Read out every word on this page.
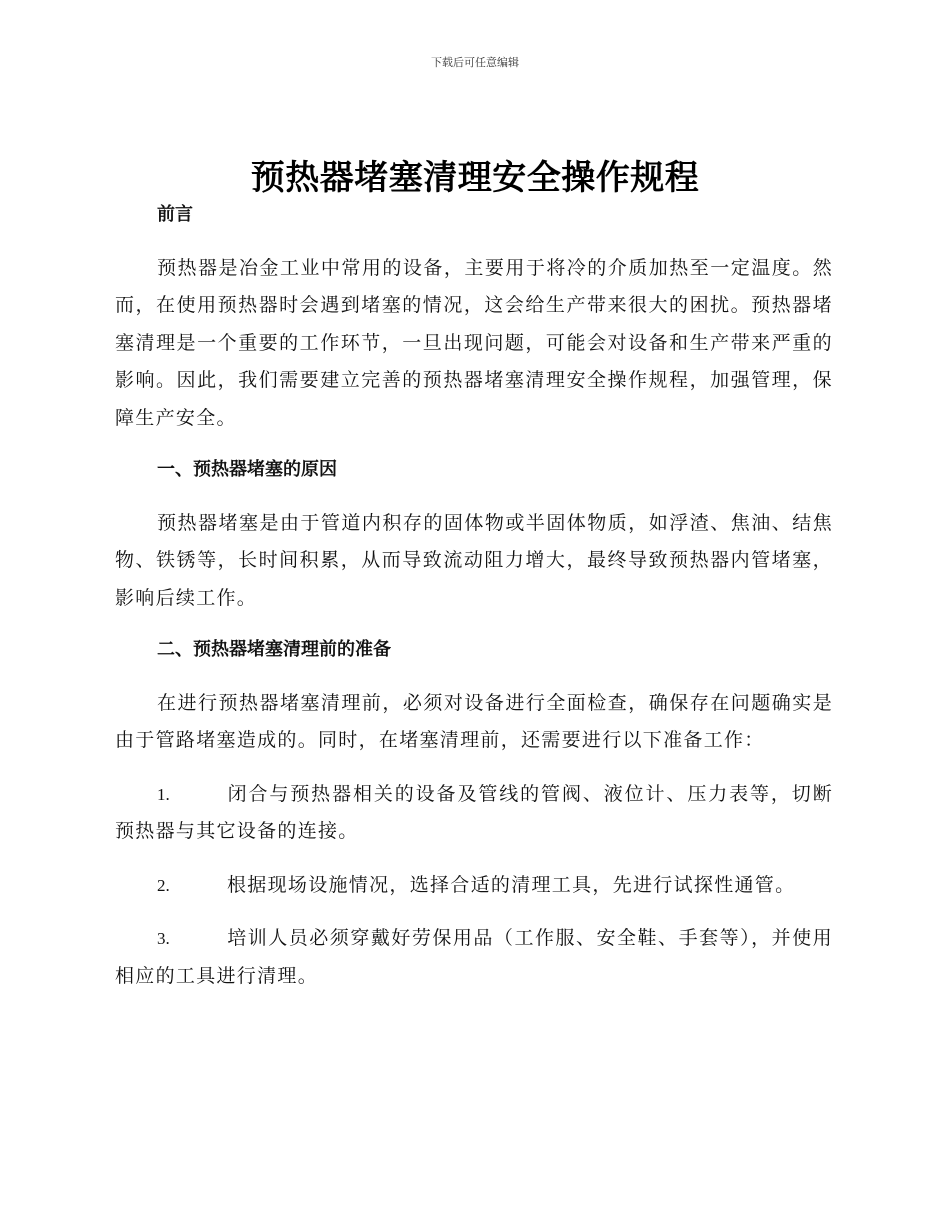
下载后可任意编辑
预热器堵塞清理安全操作规程

前言

预热器是冶金工业中常用的设备，主要用于将冷的介质加热至一定温度。然而，在使用预热器时会遇到堵塞的情况，这会给生产带来很大的困扰。预热器堵塞清理是一个重要的工作环节，一旦出现问题，可能会对设备和生产带来严重的影响。因此，我们需要建立完善的预热器堵塞清理安全操作规程，加强管理，保障生产安全。

一、预热器堵塞的原因

预热器堵塞是由于管道内积存的固体物或半固体物质，如浮渣、焦油、结焦物、铁锈等，长时间积累，从而导致流动阻力增大，最终导致预热器内管堵塞，影响后续工作。

二、预热器堵塞清理前的准备

在进行预热器堵塞清理前，必须对设备进行全面检查，确保存在问题确实是由于管路堵塞造成的。同时，在堵塞清理前，还需要进行以下准备工作：

1.	闭合与预热器相关的设备及管线的管阀、液位计、压力表等，切断预热器与其它设备的连接。

2.	根据现场设施情况，选择合适的清理工具，先进行试探性通管。

3.	培训人员必须穿戴好劳保用品（工作服、安全鞋、手套等），并使用相应的工具进行清理。
